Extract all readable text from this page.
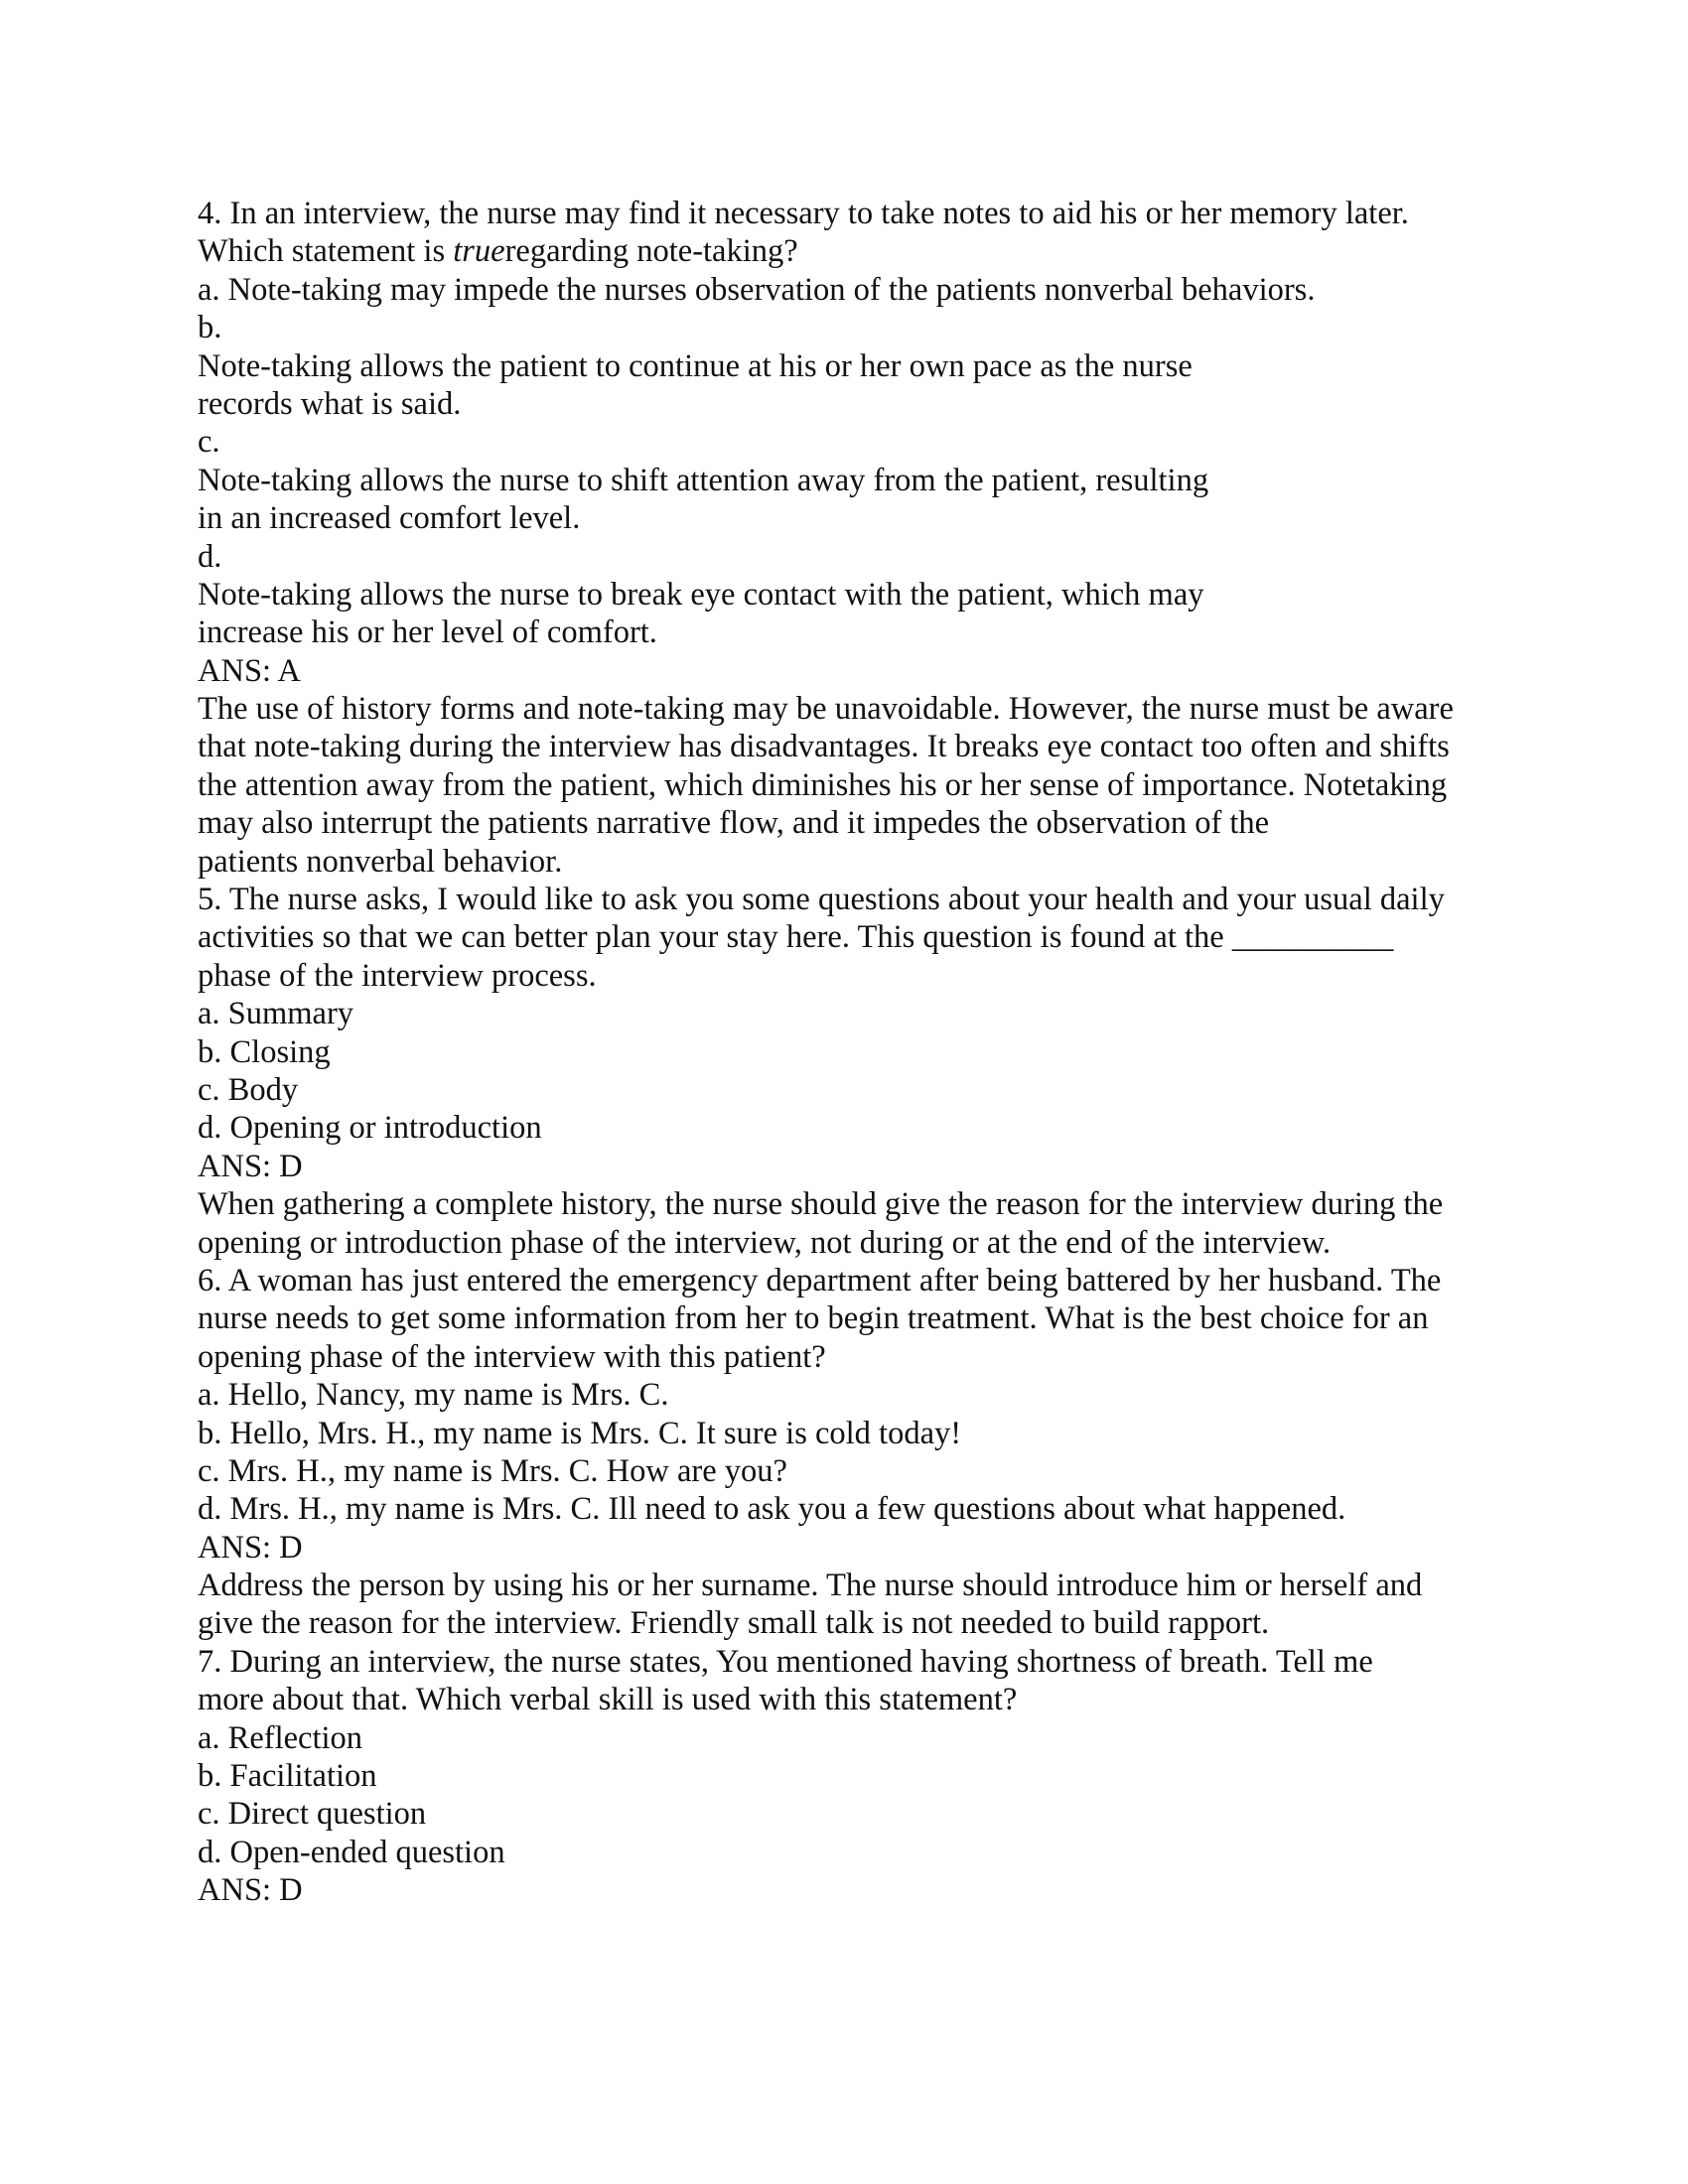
4. In an interview, the nurse may find it necessary to take notes to aid his or her memory later.
Which statement is trueregarding note-taking?
a. Note-taking may impede the nurses observation of the patients nonverbal behaviors.
b.
Note-taking allows the patient to continue at his or her own pace as the nurse
records what is said.
c.
Note-taking allows the nurse to shift attention away from the patient, resulting
in an increased comfort level.
d.
Note-taking allows the nurse to break eye contact with the patient, which may
increase his or her level of comfort.
ANS: A
The use of history forms and note-taking may be unavoidable. However, the nurse must be aware
that note-taking during the interview has disadvantages. It breaks eye contact too often and shifts
the attention away from the patient, which diminishes his or her sense of importance. Notetaking
may also interrupt the patients narrative flow, and it impedes the observation of the
patients nonverbal behavior.
5. The nurse asks, I would like to ask you some questions about your health and your usual daily
activities so that we can better plan your stay here. This question is found at the __________
phase of the interview process.
a. Summary
b. Closing
c. Body
d. Opening or introduction
ANS: D
When gathering a complete history, the nurse should give the reason for the interview during the
opening or introduction phase of the interview, not during or at the end of the interview.
6. A woman has just entered the emergency department after being battered by her husband. The
nurse needs to get some information from her to begin treatment. What is the best choice for an
opening phase of the interview with this patient?
a. Hello, Nancy, my name is Mrs. C.
b. Hello, Mrs. H., my name is Mrs. C. It sure is cold today!
c. Mrs. H., my name is Mrs. C. How are you?
d. Mrs. H., my name is Mrs. C. Ill need to ask you a few questions about what happened.
ANS: D
Address the person by using his or her surname. The nurse should introduce him or herself and
give the reason for the interview. Friendly small talk is not needed to build rapport.
7. During an interview, the nurse states, You mentioned having shortness of breath. Tell me
more about that. Which verbal skill is used with this statement?
a. Reflection
b. Facilitation
c. Direct question
d. Open-ended question
ANS: D
